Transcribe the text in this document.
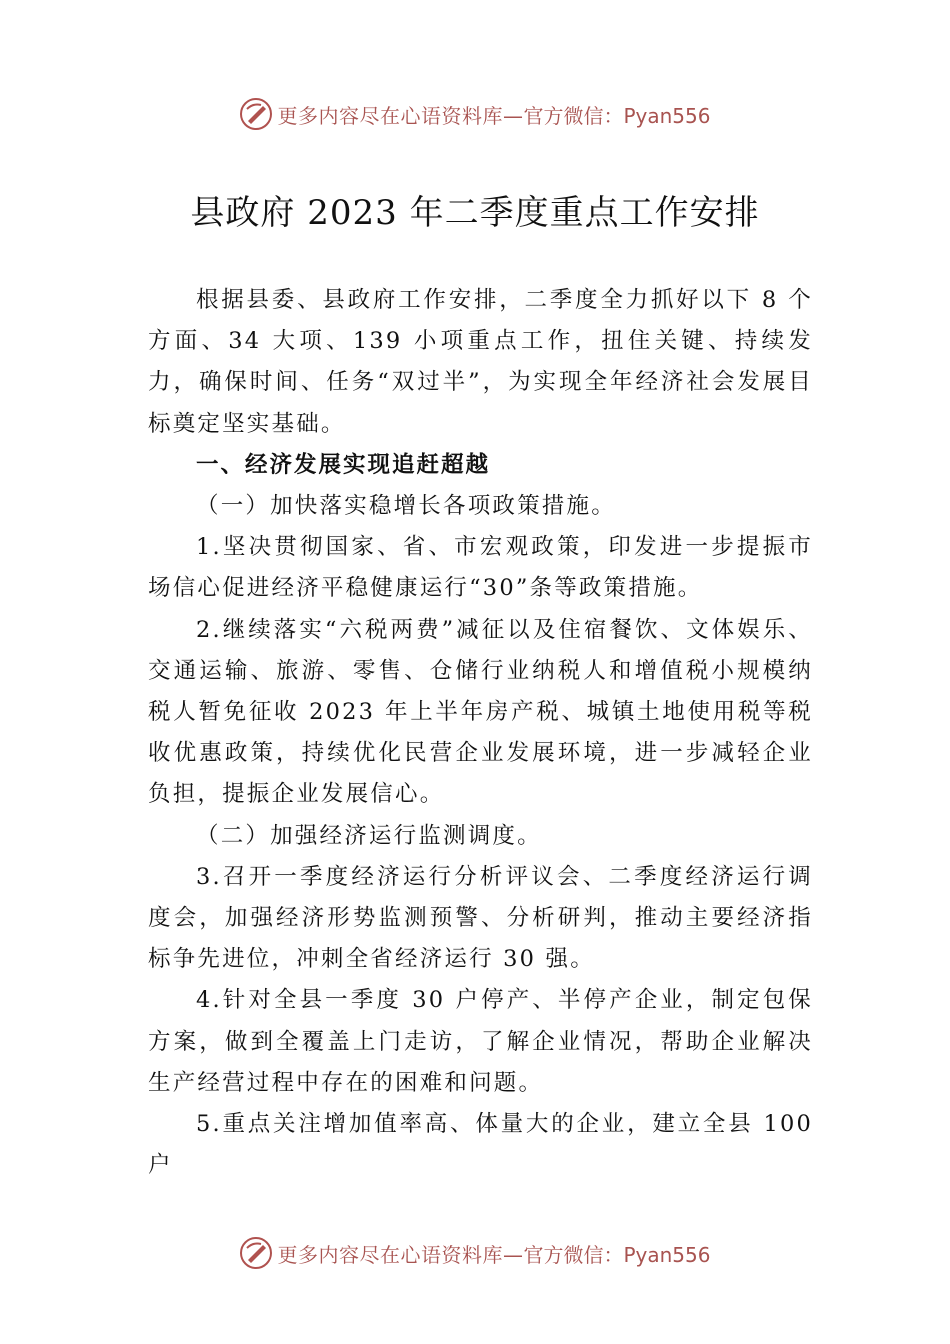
更多内容尽在心语资料库— 官方微信：Pyan556
县政府 2023 年二季度重点工作安排

根据县委、县政府工作安排，二季度全力抓好以下 8 个方面、34 大项、139 小项重点工作，扭住关键、持续发力，确保时间、任务“双过半”，为实现全年经济社会发展目标奠定坚实基础。

一、经济发展实现追赶超越

（一）加快落实稳增长各项政策措施。

1.坚决贯彻国家、省、市宏观政策，印发进一步提振市场信心促进经济平稳健康运行“30”条等政策措施。

2.继续落实“六税两费”减征以及住宿餐饮、文体娱乐、交通运输、旅游、零售、仓储行业纳税人和增值税小规模纳税人暂免征收 2023 年上半年房产税、城镇土地使用税等税收优惠政策，持续优化民营企业发展环境，进一步减轻企业负担，提振企业发展信心。

（二）加强经济运行监测调度。

3.召开一季度经济运行分析评议会、二季度经济运行调度会，加强经济形势监测预警、分析研判，推动主要经济指标争先进位，冲刺全省经济运行 30 强。

4.针对全县一季度 30 户停产、半停产企业，制定包保方案，做到全覆盖上门走访，了解企业情况，帮助企业解决生产经营过程中存在的困难和问题。

5.重点关注增加值率高、体量大的企业，建立全县 100 户

更多内容尽在心语资料库— 官方微信：Pyan556
